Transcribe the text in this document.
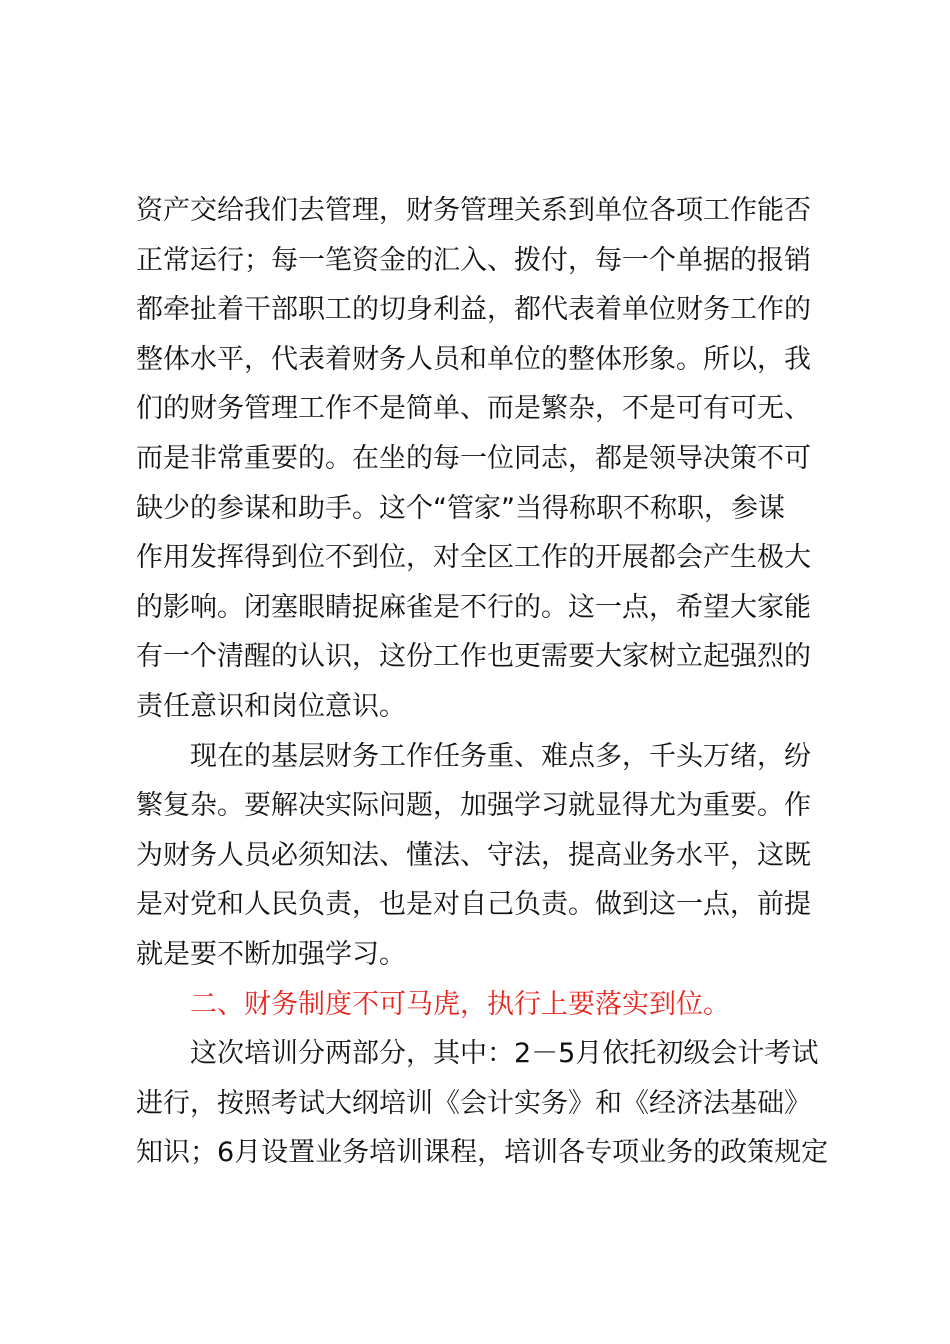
资产交给我们去管理，财务管理关系到单位各项工作能否
正常运行；每一笔资金的汇入、拨付，每一个单据的报销
都牵扯着干部职工的切身利益，都代表着单位财务工作的
整体水平，代表着财务人员和单位的整体形象。所以，我
们的财务管理工作不是简单、而是繁杂，不是可有可无、
而是非常重要的。在坐的每一位同志，都是领导决策不可
缺少的参谋和助手。这个“管家”当得称职不称职，参谋
作用发挥得到位不到位，对全区工作的开展都会产生极大
的影响。闭塞眼睛捉麻雀是不行的。这一点，希望大家能
有一个清醒的认识，这份工作也更需要大家树立起强烈的
责任意识和岗位意识。
现在的基层财务工作任务重、难点多，千头万绪，纷
繁复杂。要解决实际问题，加强学习就显得尤为重要。作
为财务人员必须知法、懂法、守法，提高业务水平，这既
是对党和人民负责，也是对自己负责。做到这一点，前提
就是要不断加强学习。
二、财务制度不可马虎，执行上要落实到位。
这次培训分两部分，其中：2－5月依托初级会计考试
进行，按照考试大纲培训《会计实务》和《经济法基础》
知识；6月设置业务培训课程，培训各专项业务的政策规定
